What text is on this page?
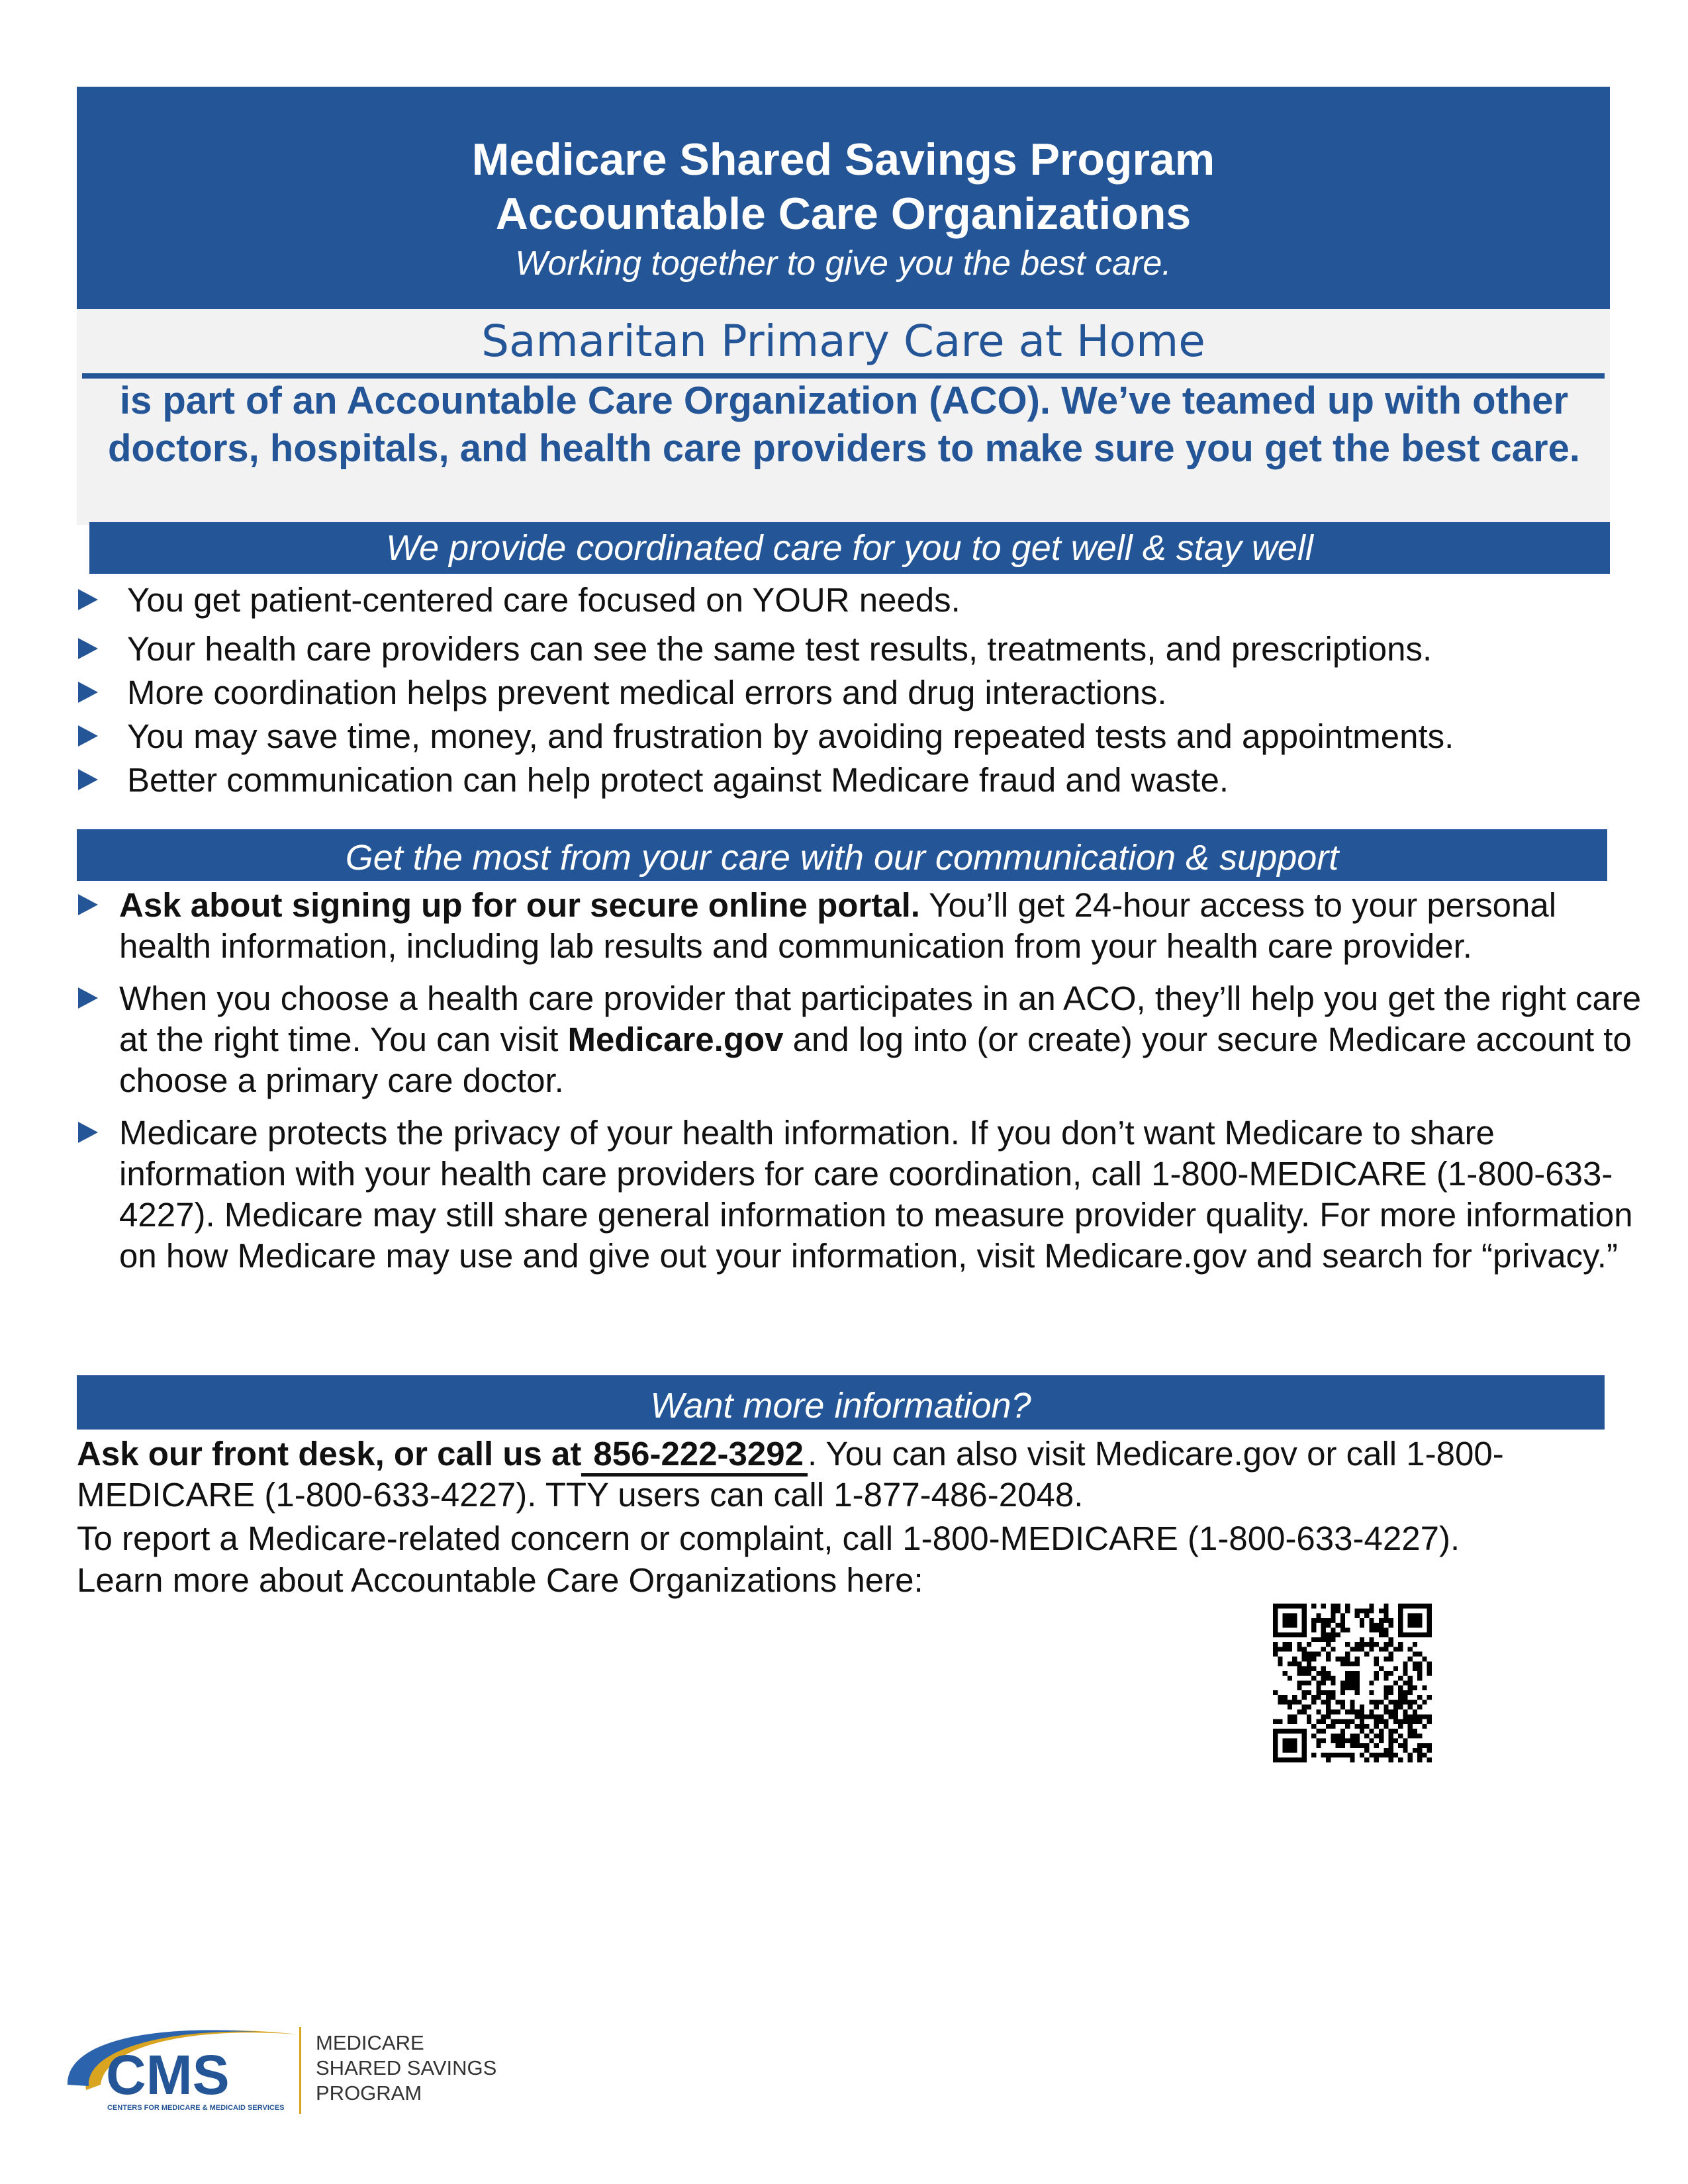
Medicare Shared Savings Program
Accountable Care Organizations
Working together to give you the best care.
Samaritan Primary Care at Home
is part of an Accountable Care Organization (ACO). We’ve teamed up with other doctors, hospitals, and health care providers to make sure you get the best care.
We provide coordinated care for you to get well & stay well
You get patient-centered care focused on YOUR needs.
Your health care providers can see the same test results, treatments, and prescriptions.
More coordination helps prevent medical errors and drug interactions.
You may save time, money, and frustration by avoiding repeated tests and appointments.
Better communication can help protect against Medicare fraud and waste.
Get the most from your care with our communication & support
Ask about signing up for our secure online portal. You’ll get 24-hour access to your personal health information, including lab results and communication from your health care provider.
When you choose a health care provider that participates in an ACO, they’ll help you get the right care at the right time. You can visit Medicare.gov and log into (or create) your secure Medicare account to choose a primary care doctor.
Medicare protects the privacy of your health information. If you don’t want Medicare to share information with your health care providers for care coordination, call 1-800-MEDICARE (1-800-633-4227). Medicare may still share general information to measure provider quality. For more information on how Medicare may use and give out your information, visit Medicare.gov and search for “privacy.”
Want more information?
Ask our front desk, or call us at 856-222-3292 . You can also visit Medicare.gov or call 1-800-
MEDICARE (1-800-633-4227). TTY users can call 1-877-486-2048.
To report a Medicare-related concern or complaint, call 1-800-MEDICARE (1-800-633-4227).
Learn more about Accountable Care Organizations here:
CMS
CENTERS FOR MEDICARE & MEDICAID SERVICES
MEDICARE
SHARED SAVINGS
PROGRAM
